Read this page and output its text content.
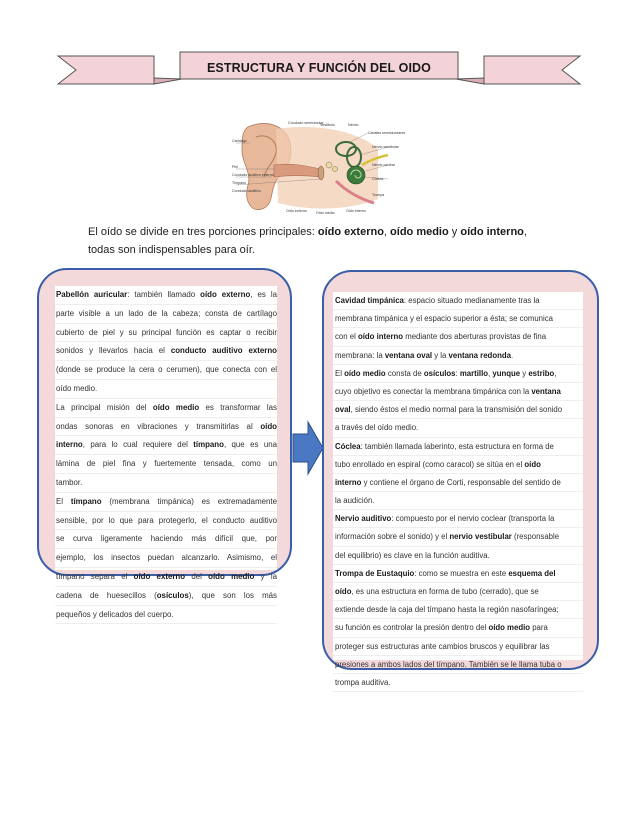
ESTRUCTURA Y FUNCIÓN DEL OIDO
Cartílago
Piel
Conducto auditivo externo
Tímpano
Conducto auditivo
Conducto semicircular
Vestíbulo	Nervio
Canales semicirculares
Nervio vestibular
Nervio coclear
Cóclea
Trompa
Oído externo	Oído medio	Oído interno
El oído se divide en tres porciones principales: oído externo, oído medio y oído interno,
todas son indispensables para oír.
Pabellón auricular: también llamado oído externo, es la
parte visible a un lado de la cabeza; consta de cartílago
cubierto de piel y su principal función es captar o recibir
sonidos y llevarlos hacia el conducto auditivo externo
(donde se produce la cera o cerumen), que conecta con el
oído medio.
La principal misión del oído medio es transformar las
ondas sonoras en vibraciones y transmitirlas al oído
interno, para lo cual requiere del tímpano, que es una
lámina de piel fina y fuertemente tensada, como un
tambor.
El tímpano (membrana timpánica) es extremadamente
sensible, por lo que para protegerlo, el conducto auditivo
se curva ligeramente haciendo más difícil que, por
ejemplo, los insectos puedan alcanzarlo. Asimismo, el
tímpano separa el oído externo del oído medio y la
cadena de huesecillos (osículos), que son los más
pequeños y delicados del cuerpo.
Cavidad timpánica: espacio situado medianamente tras la
membrana timpánica y el espacio superior a ésta; se comunica
con el oído interno mediante dos aberturas provistas de fina
membrana: la ventana oval y la ventana redonda.
El oído medio consta de osículos: martillo, yunque y estribo,
cuyo objetivo es conectar la membrana timpánica con la ventana
oval, siendo éstos el medio normal para la transmisión del sonido
a través del oído medio.
Cóclea: también llamada laberinto, esta estructura en forma de
tubo enrollado en espiral (como caracol) se sitúa en el oído
interno y contiene el órgano de Corti, responsable del sentido de
la audición.
Nervio auditivo: compuesto por el nervio coclear (transporta la
información sobre el sonido) y el nervio vestibular (responsable
del equilibrio) es clave en la función auditiva.
Trompa de Eustaquio: como se muestra en este esquema del
oído, es una estructura en forma de tubo (cerrado), que se
extiende desde la caja del tímpano hasta la región nasofaríngea;
su función es controlar la presión dentro del oído medio para
proteger sus estructuras ante cambios bruscos y equilibrar las
presiones a ambos lados del tímpano. También se le llama tuba o
trompa auditiva.
